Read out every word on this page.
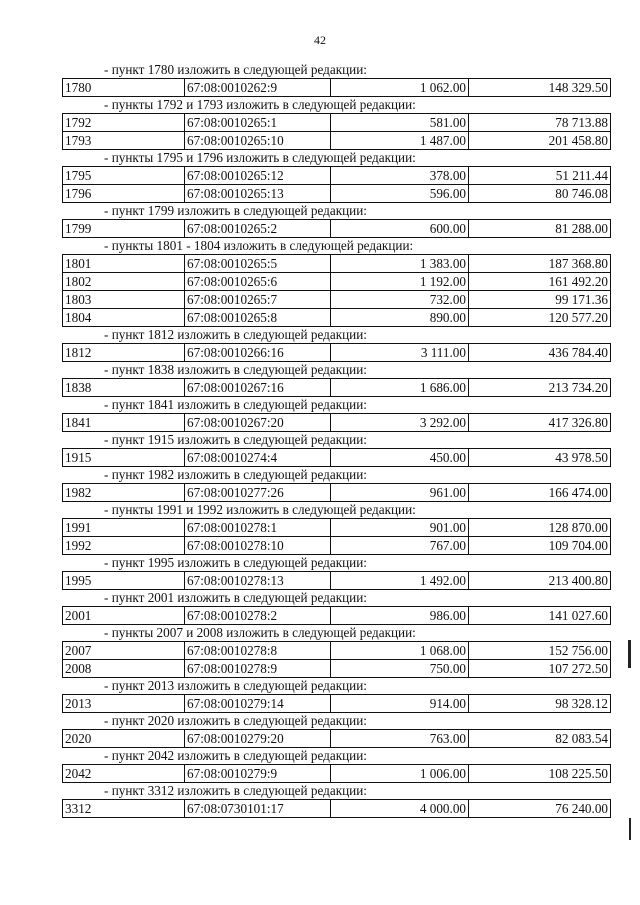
42
- пункт 1780 изложить в следующей редакции:
1780	67:08:0010262:9	1 062.00	148 329.50
- пункты 1792 и 1793 изложить в следующей редакции:
1792	67:08:0010265:1	581.00	78 713.88
1793	67:08:0010265:10	1 487.00	201 458.80
- пункты 1795 и 1796 изложить в следующей редакции:
1795	67:08:0010265:12	378.00	51 211.44
1796	67:08:0010265:13	596.00	80 746.08
- пункт 1799 изложить в следующей редакции:
1799	67:08:0010265:2	600.00	81 288.00
- пункты 1801 - 1804 изложить в следующей редакции:
1801	67:08:0010265:5	1 383.00	187 368.80
1802	67:08:0010265:6	1 192.00	161 492.20
1803	67:08:0010265:7	732.00	99 171.36
1804	67:08:0010265:8	890.00	120 577.20
- пункт 1812 изложить в следующей редакции:
1812	67:08:0010266:16	3 111.00	436 784.40
- пункт 1838 изложить в следующей редакции:
1838	67:08:0010267:16	1 686.00	213 734.20
- пункт 1841 изложить в следующей редакции:
1841	67:08:0010267:20	3 292.00	417 326.80
- пункт 1915 изложить в следующей редакции:
1915	67:08:0010274:4	450.00	43 978.50
- пункт 1982 изложить в следующей редакции:
1982	67:08:0010277:26	961.00	166 474.00
- пункты 1991 и 1992 изложить в следующей редакции:
1991	67:08:0010278:1	901.00	128 870.00
1992	67:08:0010278:10	767.00	109 704.00
- пункт 1995 изложить в следующей редакции:
1995	67:08:0010278:13	1 492.00	213 400.80
- пункт 2001 изложить в следующей редакции:
2001	67:08:0010278:2	986.00	141 027.60
- пункты 2007 и 2008 изложить в следующей редакции:
2007	67:08:0010278:8	1 068.00	152 756.00
2008	67:08:0010278:9	750.00	107 272.50
- пункт 2013 изложить в следующей редакции:
2013	67:08:0010279:14	914.00	98 328.12
- пункт 2020 изложить в следующей редакции:
2020	67:08:0010279:20	763.00	82 083.54
- пункт 2042 изложить в следующей редакции:
2042	67:08:0010279:9	1 006.00	108 225.50
- пункт 3312 изложить в следующей редакции:
3312	67:08:0730101:17	4 000.00	76 240.00
